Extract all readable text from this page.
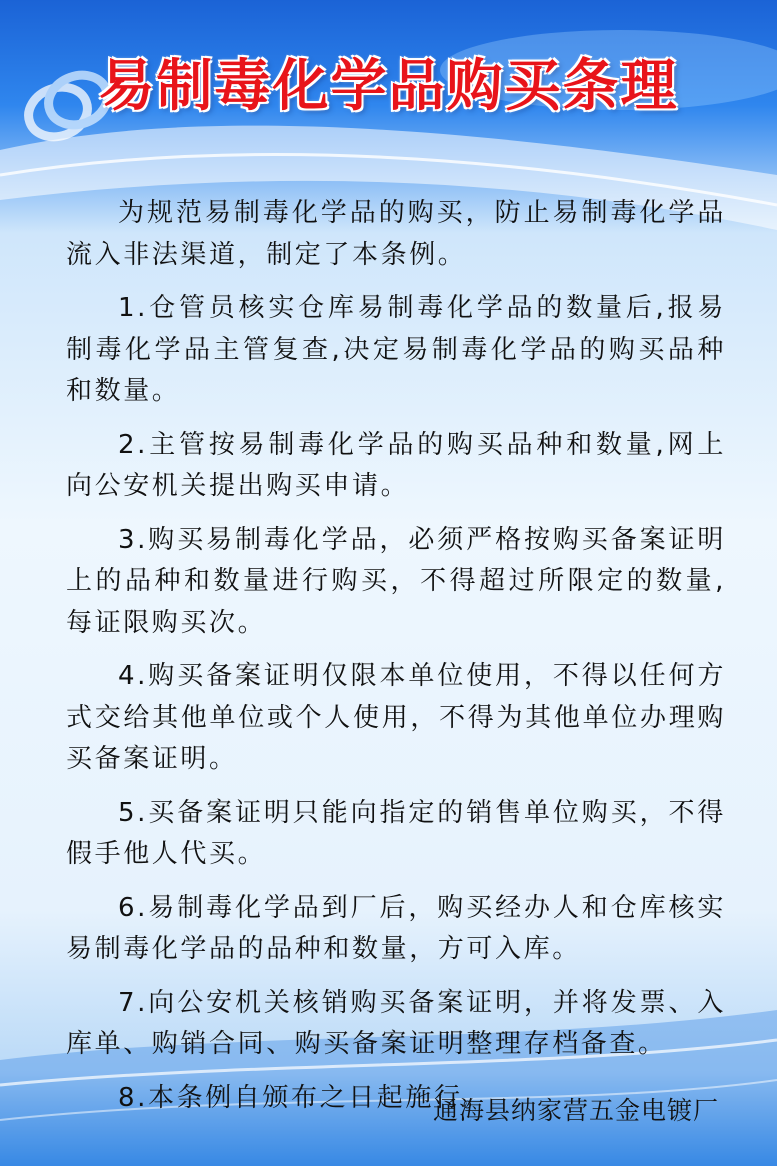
易制毒化学品购买条理

为规范易制毒化学品的购买，防止易制毒化学品流入非法渠道，制定了本条例。

1.仓管员核实仓库易制毒化学品的数量后,报易制毒化学品主管复查,决定易制毒化学品的购买品种和数量。

2.主管按易制毒化学品的购买品种和数量,网上向公安机关提出购买申请。

3.购买易制毒化学品，必须严格按购买备案证明上的品种和数量进行购买，不得超过所限定的数量,每证限购买次。

4.购买备案证明仅限本单位使用，不得以任何方式交给其他单位或个人使用，不得为其他单位办理购买备案证明。

5.买备案证明只能向指定的销售单位购买，不得假手他人代买。

6.易制毒化学品到厂后，购买经办人和仓库核实易制毒化学品的品种和数量，方可入库。

7.向公安机关核销购买备案证明，并将发票、入库单、购销合同、购买备案证明整理存档备查。

8.本条例自颁布之日起施行。

通海县纳家营五金电镀厂
